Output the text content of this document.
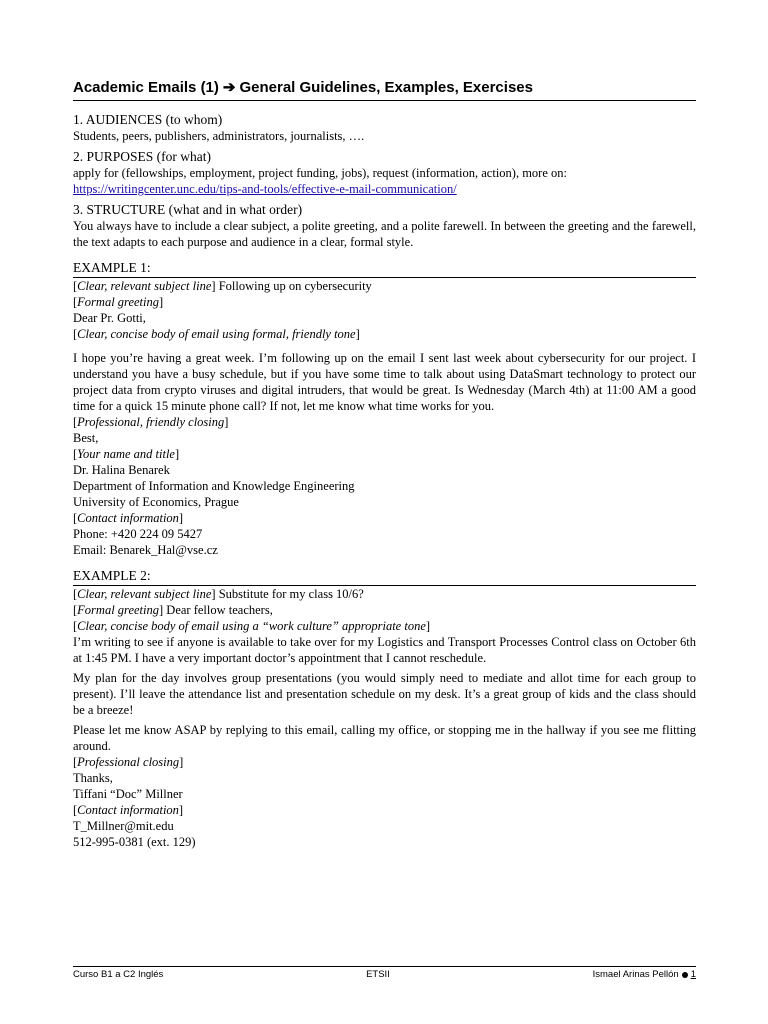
Academic Emails (1) ➔ General Guidelines, Examples, Exercises
1. AUDIENCES (to whom)

Students, peers, publishers, administrators, journalists, ….

2. PURPOSES (for what)

apply for (fellowships, employment, project funding, jobs), request (information, action), more on:

https://writingcenter.unc.edu/tips-and-tools/effective-e-mail-communication/
3. STRUCTURE (what and in what order)

You always have to include a clear subject, a polite greeting, and a polite farewell. In between the greeting and the farewell, the text adapts to each purpose and audience in a clear, formal style.

EXAMPLE 1:

[Clear, relevant subject line] Following up on cybersecurity

[Formal greeting]

Dear Pr. Gotti,

[Clear, concise body of email using formal, friendly tone]

I hope you’re having a great week. I’m following up on the email I sent last week about cybersecurity for our project. I understand you have a busy schedule, but if you have some time to talk about using DataSmart technology to protect our project data from crypto viruses and digital intruders, that would be great. Is Wednesday (March 4th) at 11:00 AM a good time for a quick 15 minute phone call? If not, let me know what time works for you.

[Professional, friendly closing]

Best,

[Your name and title]

Dr. Halina Benarek

Department of Information and Knowledge Engineering

University of Economics, Prague

[Contact information]

Phone: +420 224 09 5427

Email: Benarek_Hal@vse.cz

EXAMPLE 2:

[Clear, relevant subject line] Substitute for my class 10/6?

[Formal greeting] Dear fellow teachers,

[Clear, concise body of email using a “work culture” appropriate tone]

I’m writing to see if anyone is available to take over for my Logistics and Transport Processes Control class on October 6th at 1:45 PM. I have a very important doctor’s appointment that I cannot reschedule.

My plan for the day involves group presentations (you would simply need to mediate and allot time for each group to present). I’ll leave the attendance list and presentation schedule on my desk. It’s a great group of kids and the class should be a breeze!

Please let me know ASAP by replying to this email, calling my office, or stopping me in the hallway if you see me flitting around.

[Professional closing]

Thanks,

Tiffani “Doc” Millner

[Contact information]

T_Millner@mit.edu

512-995-0381 (ext. 129)

Curso B1 a C2 Inglés	ETSII	Ismael Arinas Pellón 1
